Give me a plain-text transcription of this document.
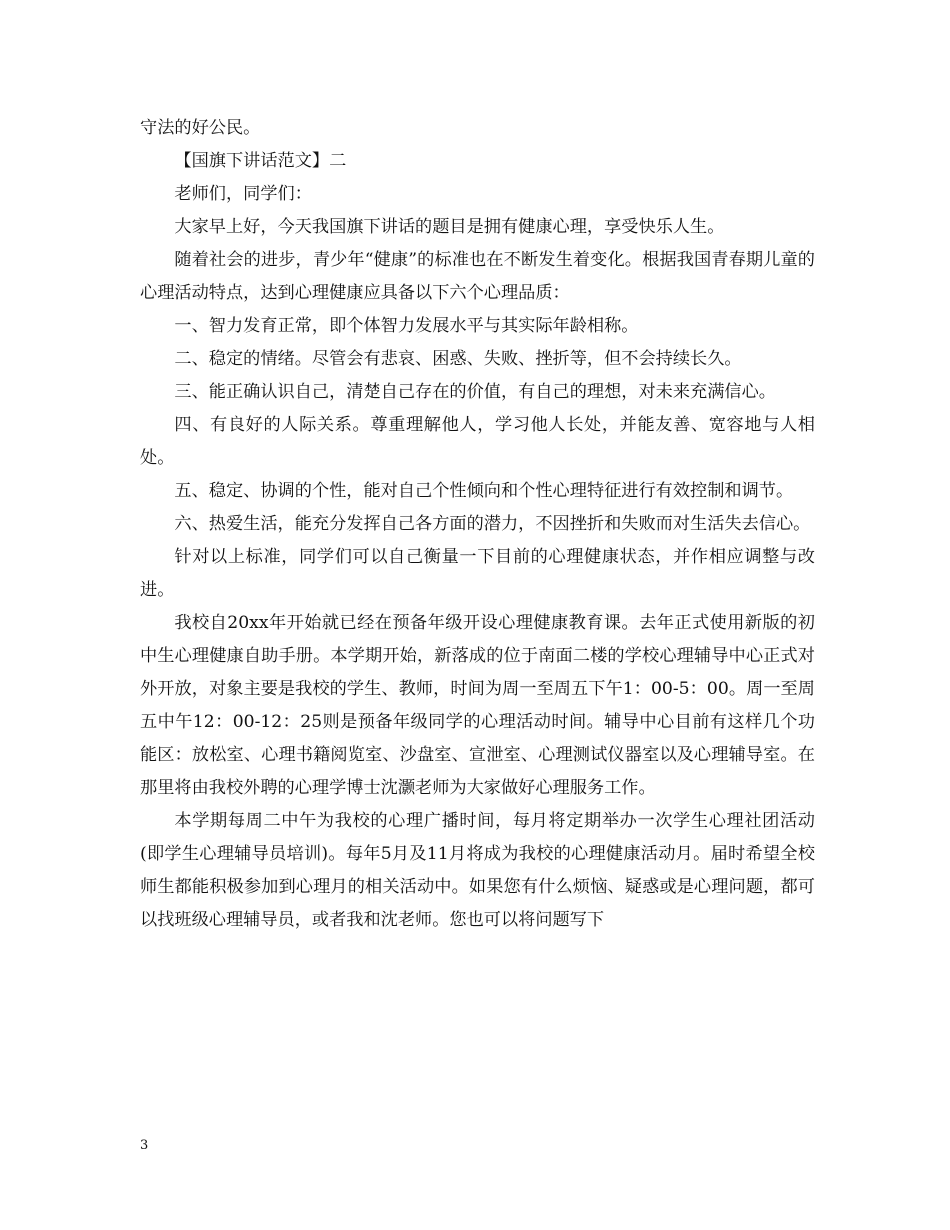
守法的好公民。

【国旗下讲话范文】二

老师们，同学们：

大家早上好，今天我国旗下讲话的题目是拥有健康心理，享受快乐人生。

随着社会的进步，青少年“健康”的标准也在不断发生着变化。根据我国青春期儿童的心理活动特点，达到心理健康应具备以下六个心理品质：

一、智力发育正常，即个体智力发展水平与其实际年龄相称。

二、稳定的情绪。尽管会有悲哀、困惑、失败、挫折等，但不会持续长久。

三、能正确认识自己，清楚自己存在的价值，有自己的理想，对未来充满信心。

四、有良好的人际关系。尊重理解他人，学习他人长处，并能友善、宽容地与人相处。

五、稳定、协调的个性，能对自己个性倾向和个性心理特征进行有效控制和调节。

六、热爱生活，能充分发挥自己各方面的潜力，不因挫折和失败而对生活失去信心。

针对以上标准，同学们可以自己衡量一下目前的心理健康状态，并作相应调整与改进。

我校自20xx年开始就已经在预备年级开设心理健康教育课。去年正式使用新版的初中生心理健康自助手册。本学期开始，新落成的位于南面二楼的学校心理辅导中心正式对外开放，对象主要是我校的学生、教师，时间为周一至周五下午1：00-5：00。周一至周五中午12：00-12：25则是预备年级同学的心理活动时间。辅导中心目前有这样几个功能区：放松室、心理书籍阅览室、沙盘室、宣泄室、心理测试仪器室以及心理辅导室。在那里将由我校外聘的心理学博士沈灏老师为大家做好心理服务工作。

本学期每周二中午为我校的心理广播时间，每月将定期举办一次学生心理社团活动(即学生心理辅导员培训)。每年5月及11月将成为我校的心理健康活动月。届时希望全校师生都能积极参加到心理月的相关活动中。如果您有什么烦恼、疑惑或是心理问题，都可以找班级心理辅导员，或者我和沈老师。您也可以将问题写下

3
